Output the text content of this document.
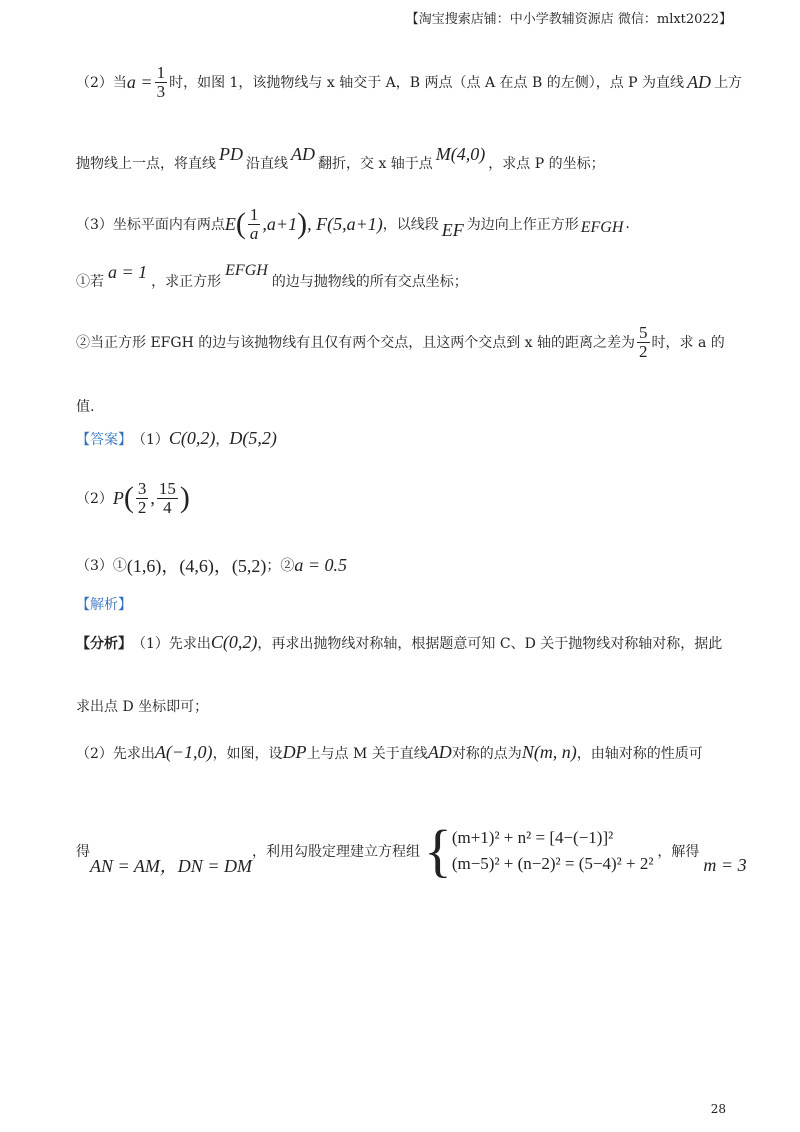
【淘宝搜索店铺：中小学教辅资源店 微信：mlxt2022】
（2）当 $a = \frac{1}{3}$ 时，如图 1，该抛物线与 x 轴交于 A，B 两点（点 A 在点 B 的左侧），点 P 为直线 AD 上方
抛物线上一点，将直线 PD 沿直线 AD 翻折，交 x 轴于点 M(4,0) ，求点 P 的坐标；
（3）坐标平面内有两点 E ( $\frac{1}{a} ,a+1$ ) , F(5,a+1) ，以线段 EF 为边向上作正方形 EFGH .
①若 a = 1 ，求正方形
EFGH
的边与抛物线的所有交点坐标；
②当正方形 EFGH 的边与该抛物线有且仅有两个交点，且这两个交点到 x 轴的距离之差为 $\frac{5}{2}$ 时，求 a 的
值.
【答案】 （1） C(0,2) ， D(5,2)
（2） P ( $\frac{3}{2}$ , $\frac{15}{4}$ )
（3）① (1,6)，(4,6)，(5,2) ；② a = 0.5
【解析】
【分析】 （1）先求出 C(0,2) ，再求出抛物线对称轴，根据题意可知 C、D 关于抛物线对称轴对称，据此
求出点 D 坐标即可；
（2）先求出 A(−1,0) ，如图，设 DP 上与点 M 关于直线 AD 对称的点为 N(m, n) ，由轴对称的性质可
得
AN = AM，DN = DM
，利用勾股定理建立方程组 { (m+1)² + n² = [4−(−1)]²
(m−5)² + (n−2)² = (5−4)² + 2²
，解得
m = 3
28
